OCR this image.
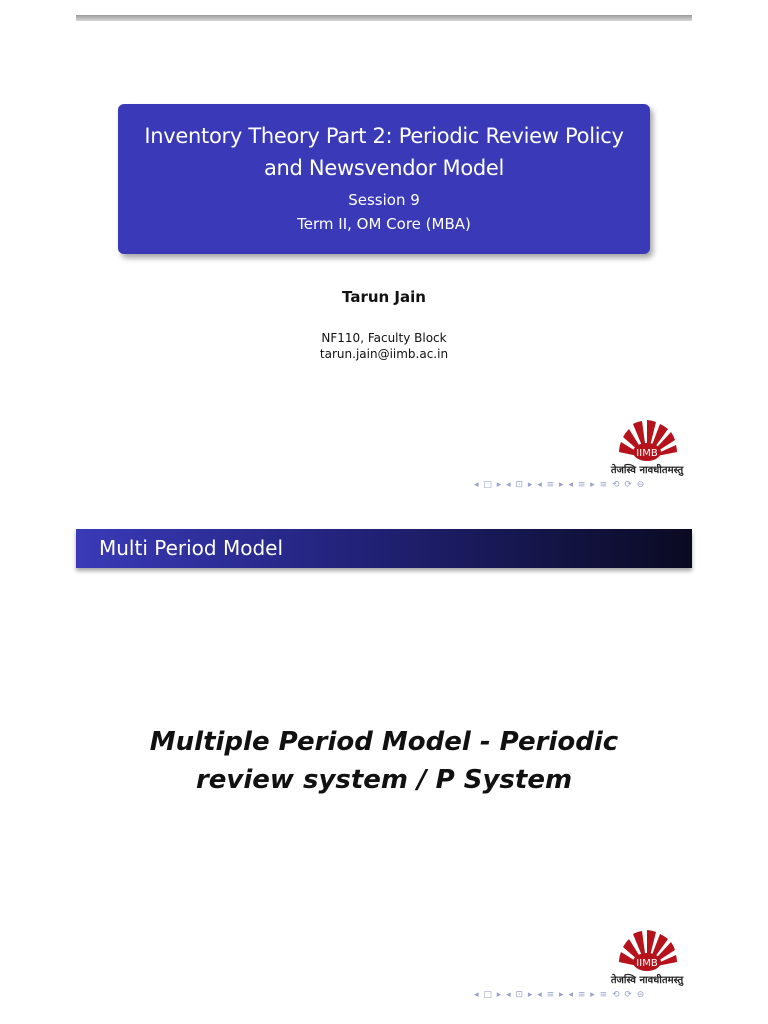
Inventory Theory Part 2: Periodic Review Policy
and Newsvendor Model
Session 9
Term II, OM Core (MBA)
Tarun Jain
NF110, Faculty Block
tarun.jain@iimb.ac.in
IIMB
तेजस्वि नावधीतमस्तु
◂ □ ▸ ◂ ⊡ ▸ ◂ ≡ ▸ ◂ ≡ ▸ ≡ ⟲ ⟳ ⊖
Multi Period Model
Multiple Period Model - Periodic
review system / P System
IIMB
तेजस्वि नावधीतमस्तु
◂ □ ▸ ◂ ⊡ ▸ ◂ ≡ ▸ ◂ ≡ ▸ ≡ ⟲ ⟳ ⊖
